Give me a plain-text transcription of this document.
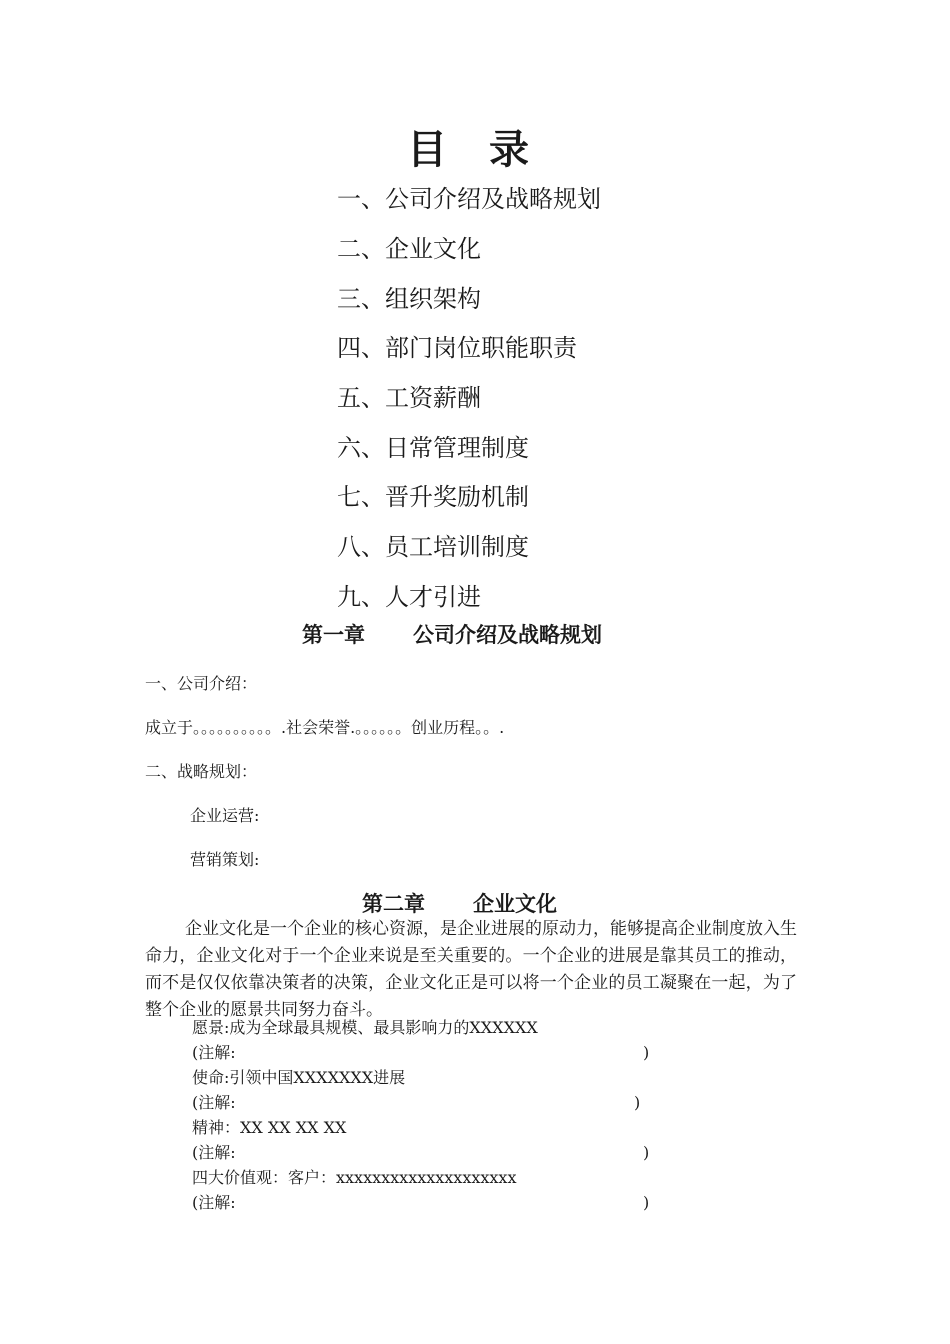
目 录
一、公司介绍及战略规划
二、企业文化
三、组织架构
四、部门岗位职能职责
五、工资薪酬
六、日常管理制度
七、晋升奖励机制
八、员工培训制度
九、人才引进
第一章 公司介绍及战略规划
一、公司介绍：
成立于。。。。。。。。。。.社会荣誉.。。。。。。创业历程。。.
二、战略规划：
企业运营:
营销策划:
第二章 企业文化
企业文化是一个企业的核心资源，是企业进展的原动力，能够提高企业制度放入生命力，企业文化对于一个企业来说是至关重要的。一个企业的进展是靠其员工的推动，而不是仅仅依靠决策者的决策，企业文化正是可以将一个企业的员工凝聚在一起，为了整个企业的愿景共同努力奋斗。
愿景:成为全球最具规模、最具影响力的XXXXXX
(注解:	)
使命:引领中国XXXXXXX进展
(注解:	)
精神：XX XX XX XX
(注解:	)
四大价值观：客户：xxxxxxxxxxxxxxxxxxxx
(注解:	)
